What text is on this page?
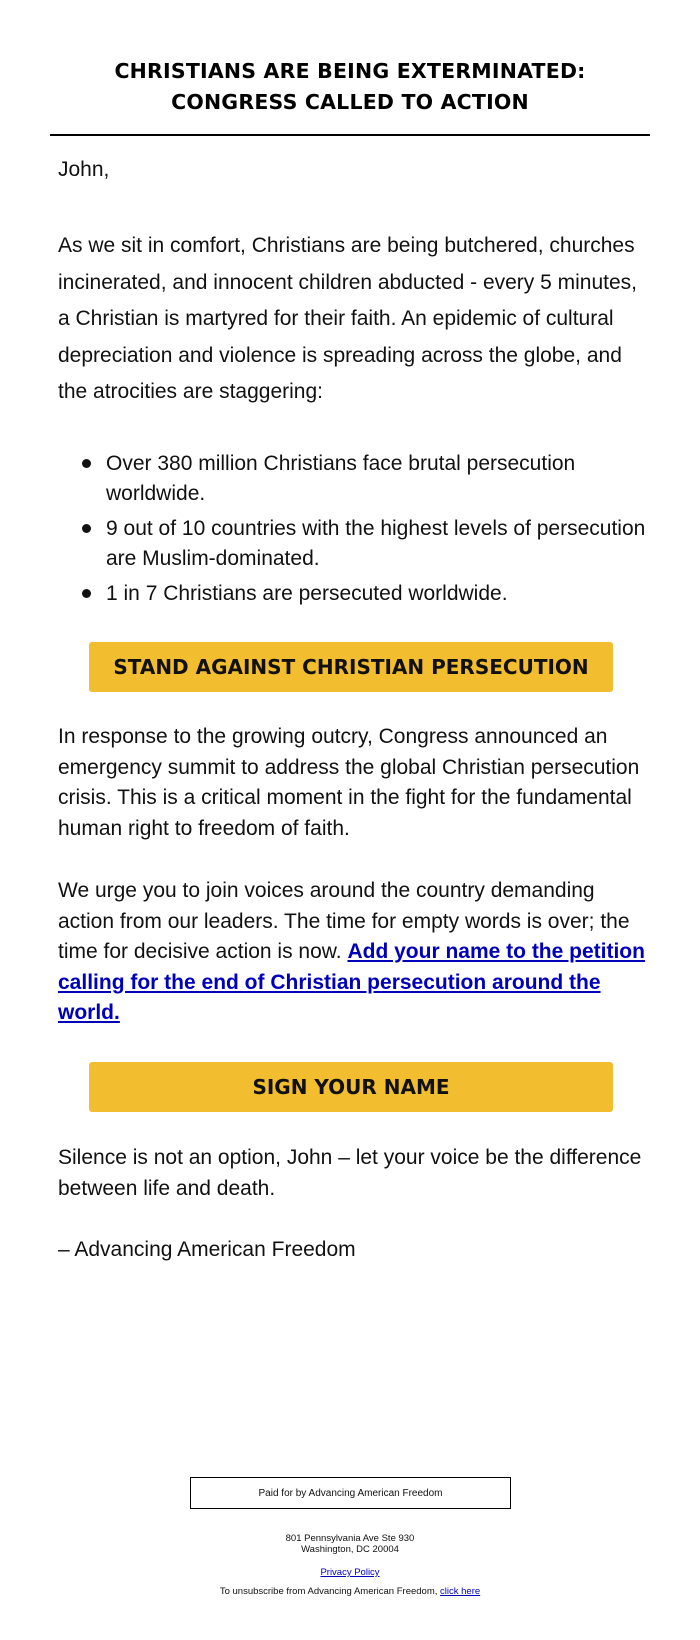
CHRISTIANS ARE BEING EXTERMINATED:
CONGRESS CALLED TO ACTION
John,
As we sit in comfort, Christians are being butchered, churches incinerated, and innocent children abducted - every 5 minutes, a Christian is martyred for their faith. An epidemic of cultural depreciation and violence is spreading across the globe, and the atrocities are staggering:
Over 380 million Christians face brutal persecution worldwide.
9 out of 10 countries with the highest levels of persecution are Muslim-dominated.
1 in 7 Christians are persecuted worldwide.
STAND AGAINST CHRISTIAN PERSECUTION
In response to the growing outcry, Congress announced an emergency summit to address the global Christian persecution crisis. This is a critical moment in the fight for the fundamental human right to freedom of faith.
We urge you to join voices around the country demanding action from our leaders. The time for empty words is over; the time for decisive action is now. Add your name to the petition calling for the end of Christian persecution around the world.
SIGN YOUR NAME
Silence is not an option, John – let your voice be the difference between life and death.
– Advancing American Freedom
Paid for by Advancing American Freedom
801 Pennsylvania Ave Ste 930
Washington, DC 20004
Privacy Policy
To unsubscribe from Advancing American Freedom, click here
